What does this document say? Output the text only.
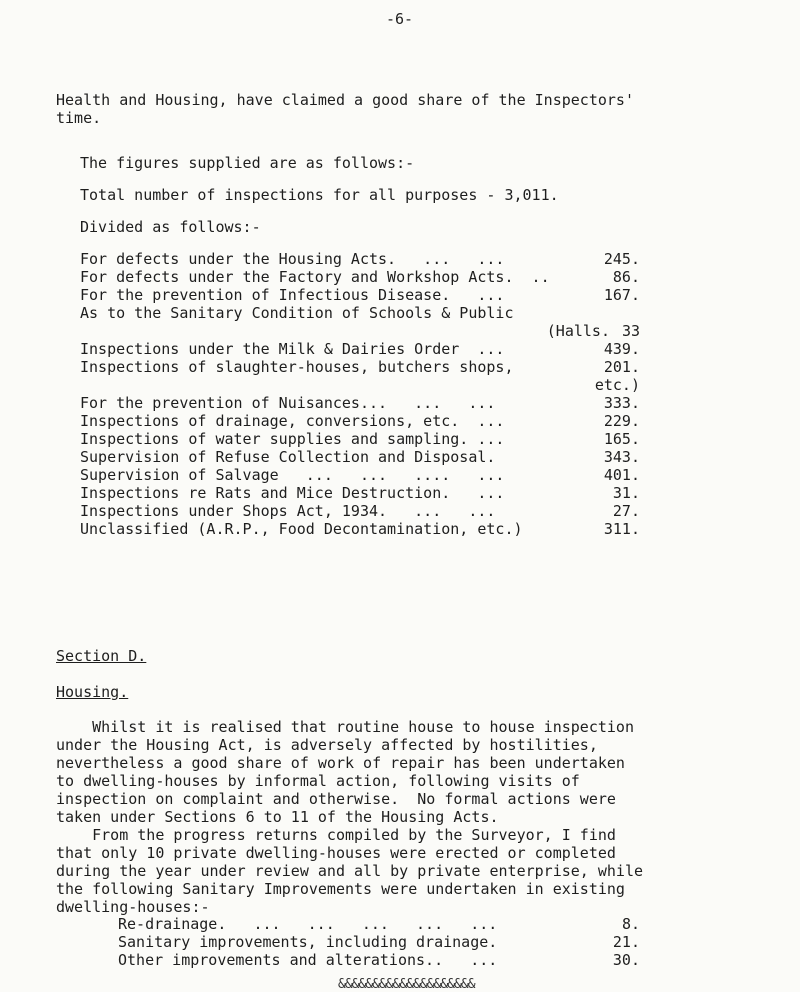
-6-
Health and Housing, have claimed a good share of the Inspectors'
time.
The figures supplied are as follows:-
Total number of inspections for all purposes - 3,011.
Divided as follows:-
For defects under the Housing Acts.   ...   ...	245.
For defects under the Factory and Workshop Acts.  ..	86.
For the prevention of Infectious Disease.   ...	167.
As to the Sanitary Condition of Schools & Public
(Halls. 33
Inspections under the Milk & Dairies Order  ...	439.
Inspections of slaughter-houses, butchers shops,	201.
etc.)
For the prevention of Nuisances...   ...   ...	333.
Inspections of drainage, conversions, etc.  ...	229.
Inspections of water supplies and sampling. ...	165.
Supervision of Refuse Collection and Disposal.	343.
Supervision of Salvage   ...   ...   ....   ...	401.
Inspections re Rats and Mice Destruction.   ...	31.
Inspections under Shops Act, 1934.   ...   ...	27.
Unclassified (A.R.P., Food Decontamination, etc.)	311.
Section D.
Housing.
Whilst it is realised that routine house to house inspection
under the Housing Act, is adversely affected by hostilities,
nevertheless a good share of work of repair has been undertaken
to dwelling-houses by informal action, following visits of
inspection on complaint and otherwise.  No formal actions were
taken under Sections 6 to 11 of the Housing Acts.
From the progress returns compiled by the Surveyor, I find
that only 10 private dwelling-houses were erected or completed
during the year under review and all by private enterprise, while
the following Sanitary Improvements were undertaken in existing
dwelling-houses:-
Re-drainage.   ...   ...   ...   ...   ...	8.
Sanitary improvements, including drainage.	21.
Other improvements and alterations..   ...	30.
&&&&&&&&&&&&&&&&&&&&
